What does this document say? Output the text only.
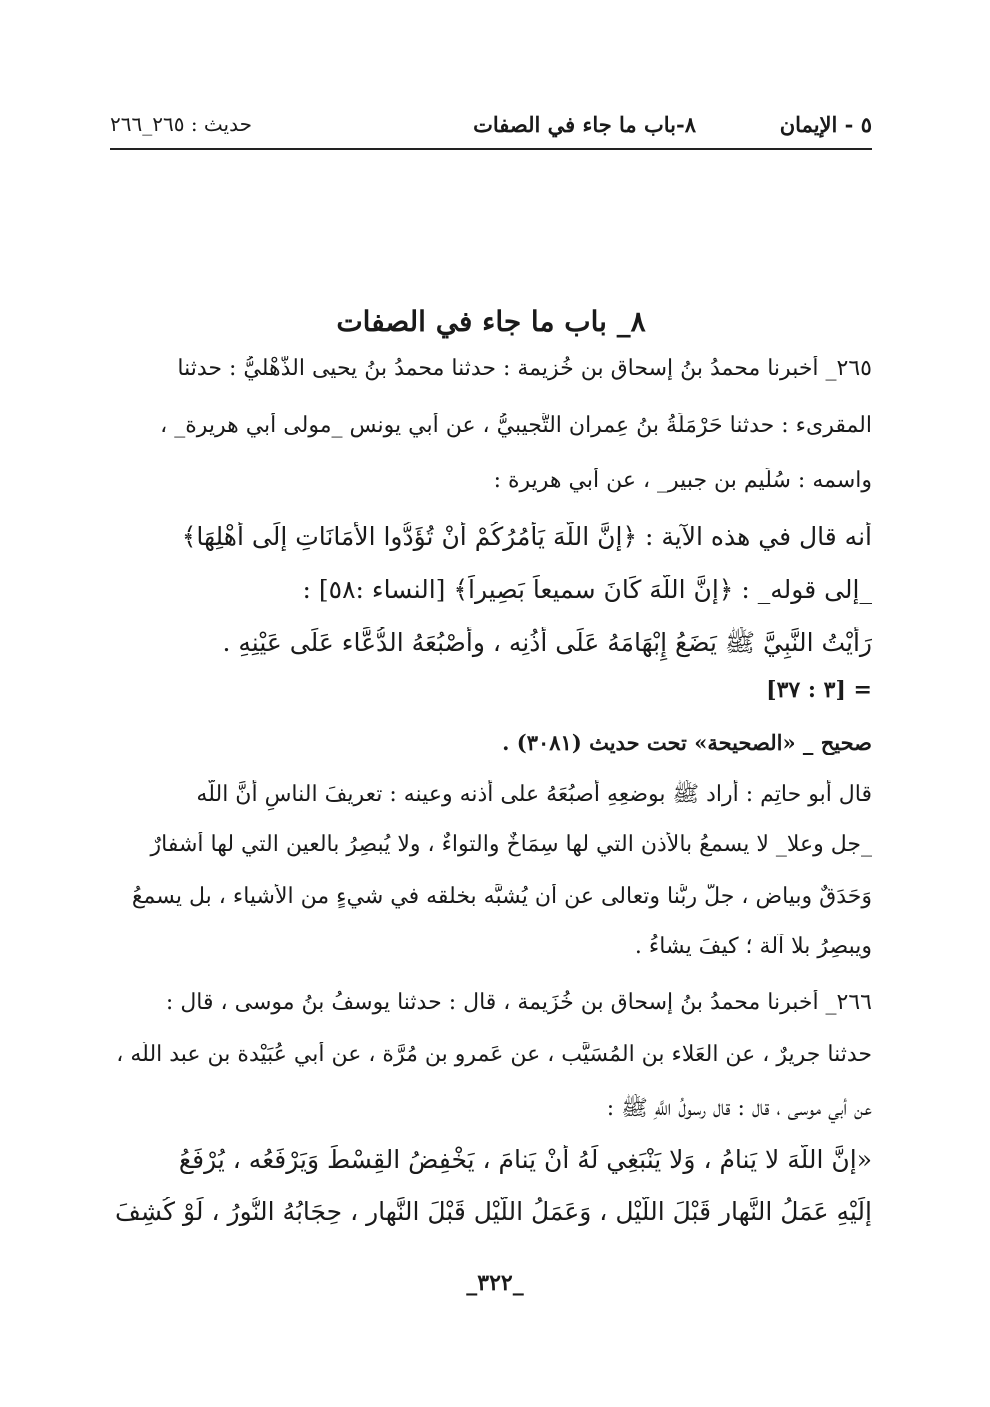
٥ - الإيمان
٨-باب ما جاء في الصفات
حديث : ٢٦٥_٢٦٦
٨_ باب ما جاء في الصفات
٢٦٥_ أخبرنا محمدُ بنُ إسحاق بن خُزيمة : حدثنا محمدُ بنُ يحيى الذُّهْليُّ : حدثنا
المقرىء : حدثنا حَرْمَلَةُ بنُ عِمران التُّجيبيُّ ، عن أبي يونس _مولى أبي هريرة_ ،
واسمه : سُلَيم بن جبير_ ، عن أبي هريرة :
أنه قال في هذه الآية : ﴿إنَّ اللَّهَ يَأْمُرُكُمْ أَنْ تُؤَدُّوا الأمَانَاتِ إِلَى أَهْلِهَا﴾
_إلى قوله_ : ﴿إنَّ اللَّهَ كَانَ سميعاً بَصِيراً﴾ [النساء :٥٨] :
رَأَيْتُ النَّبِيَّ ﷺ يَضَعُ إِبْهَامَهُ عَلَى أُذُنِه ، وأُصْبُعَهُ الدُّعَّاء عَلَى عَيْنِهِ .
= [٣ : ٣٧]
صحيح _ «الصحيحة» تحت حديث (٣٠٨١) .
قال أبو حاتِم : أراد ﷺ بوضعِهِ أصبُعَهُ على أذنه وعينه : تعريفَ الناسِ أنَّ اللَّه
_جل وعلا_ لا يسمعُ بالأذن التي لها سِمَاخٌ والتواءٌ ، ولا يُبصِرُ بالعين التي لها أشفارٌ
وَحَدَقٌ وبياض ، جلَّ ربُّنا وتعالى عن أن يُشبَّه بخلقه في شيءٍ من الأشياء ، بل يسمعُ
ويبصِرُ بلا آلة ؛ كيفَ يشاءُ .
٢٦٦_ أخبرنا محمدُ بنُ إسحاق بن خُزَيمة ، قال : حدثنا يوسفُ بنُ موسى ، قال :
حدثنا جريرٌ ، عن العَلاء بنِ المُسَيَّب ، عن عَمرو بن مُرَّة ، عن أبي عُبَيْدة بن عبد اللَّه ،
عن أبي موسى ، قال : قال رسولُ اللَّهِ ﷺ :
«إنَّ اللَّهَ لا يَنامُ ، وَلا يَنْبَغِي لَهُ أَنْ يَنامَ ، يَخْفِضُ القِسْطَ وَيَرْفَعُه ، يُرْفَعُ
إِلَيْهِ عَمَلُ النَّهارِ قَبْلَ اللَّيْلِ ، وَعَمَلُ اللَّيْلِ قَبْلَ النَّهارِ ، حِجَابُهُ النُّورُ ، لَوْ كُشِفَ
_٣٢٢_
